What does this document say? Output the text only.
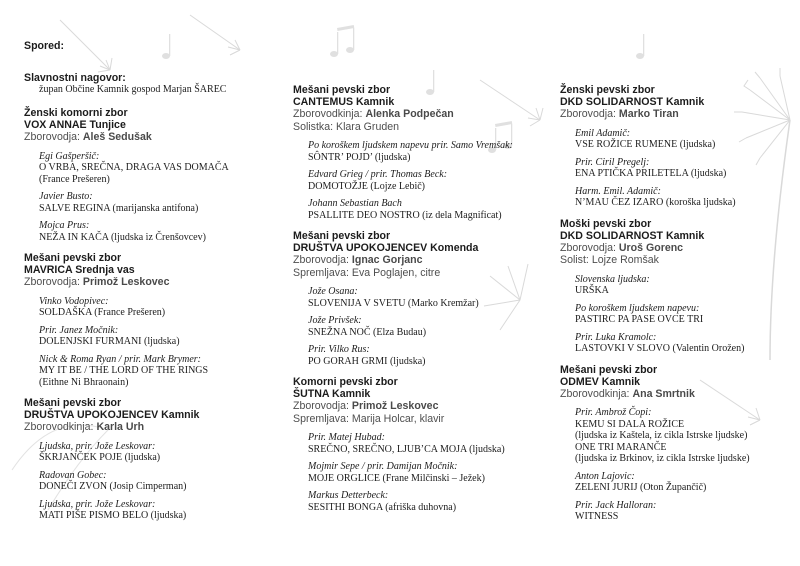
Spored:
Slavnostni nagovor:
župan Občine Kamnik gospod Marjan ŠAREC
Ženski komorni zbor
VOX ANNAE Tunjice
Zborovodja: Aleš Sedušak
Egi Gašperšič:
O VRBA, SREČNA, DRAGA VAS DOMAČA
(France Prešeren)
Javier Busto:
SALVE REGINA (marijanska antifona)
Mojca Prus:
NEŽA IN KAČA (ljudska iz Črenšovcev)
Mešani pevski zbor
MAVRICA Srednja vas
Zborovodja: Primož Leskovec
Vinko Vodopivec:
SOLDAŠKA (France Prešeren)
Prir. Janez Močnik:
DOLENJSKI FURMANI (ljudska)
Nick & Roma Ryan / prir. Mark Brymer:
MY IT BE / THE LORD OF THE RINGS
(Eithne Ni Bhraonain)
Mešani pevski zbor
DRUŠTVA UPOKOJENCEV Kamnik
Zborovodkinja: Karla Urh
Ljudska, prir. Jože Leskovar:
ŠKRJANČEK POJE (ljudska)
Radovan Gobec:
DONEČI ZVON (Josip Cimperman)
Ljudska, prir. Jože Leskovar:
MATI PIŠE PISMO BELO (ljudska)
Mešani pevski zbor
CANTEMUS Kamnik
Zborovodkinja: Alenka Podpečan
Solistka: Klara Gruden
Po koroškem ljudskem napevu prir. Samo Vremšak:
SÔNTR’ POJD’ (ljudska)
Edvard Grieg / prir. Thomas Beck:
DOMOTOŽJE (Lojze Lebič)
Johann Sebastian Bach
PSALLITE DEO NOSTRO (iz dela Magnificat)
Mešani pevski zbor
DRUŠTVA UPOKOJENCEV Komenda
Zborovodja: Ignac Gorjanc
Spremljava: Eva Poglajen, citre
Jože Osana:
SLOVENIJA V SVETU (Marko Kremžar)
Jože Privšek:
SNEŽNA NOČ (Elza Budau)
Prir. Vilko Rus:
PO GORAH GRMI (ljudska)
Komorni pevski zbor
ŠUTNA Kamnik
Zborovodja: Primož Leskovec
Spremljava: Marija Holcar, klavir
Prir. Matej Hubad:
SREČNO, SREČNO, LJUB’CA MOJA (ljudska)
Mojmir Sepe / prir. Damijan Močnik:
MOJE ORGLICE (Frane Milčinski – Ježek)
Markus Detterbeck:
SESITHI BONGA (afriška duhovna)
Ženski pevski zbor
DKD SOLIDARNOST Kamnik
Zborovodja: Marko Tiran
Emil Adamič:
VSE ROŽICE RUMENE (ljudska)
Prir. Ciril Pregelj:
ENA PTIČKA PRILETELA (ljudska)
Harm. Emil. Adamič:
N’MAU ČEZ IZARO (koroška ljudska)
Moški pevski zbor
DKD SOLIDARNOST Kamnik
Zborovodja: Uroš Gorenc
Solist: Lojze Romšak
Slovenska ljudska:
URŠKA
Po koroškem ljudskem napevu:
PASTIRC PA PASE OVCE TRI
Prir. Luka Kramolc:
LASTOVKI V SLOVO (Valentin Orožen)
Mešani pevski zbor
ODMEV Kamnik
Zborovodkinja: Ana Smrtnik
Prir. Ambrož Čopi:
KEMU SI DALA ROŽICE
(ljudska iz Kaštela, iz cikla Istrske ljudske)
ONE TRI MARANČE
(ljudska iz Brkinov, iz cikla Istrske ljudske)
Anton Lajovic:
ZELENI JURIJ (Oton Župančič)
Prir. Jack Halloran:
WITNESS
